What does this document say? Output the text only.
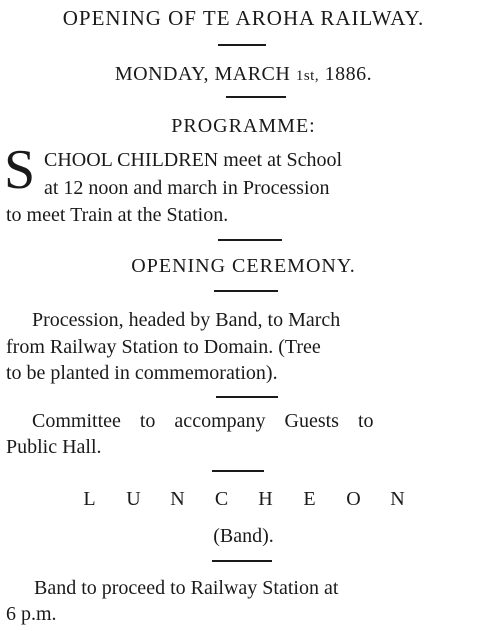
OPENING OF TE AROHA RAILWAY.
MONDAY, MARCH 1st, 1886.
PROGRAMME:
S CHOOL CHILDREN meet at School
at 12 noon and march in Procession
to meet Train at the Station.
OPENING CEREMONY.
Procession, headed by Band, to March
from Railway Station to Domain. (Tree
to be planted in commemoration).
Committee to accompany Guests to
Public Hall.
L U N C H E O N
(Band).
Band to proceed to Railway Station at
6 p.m.
